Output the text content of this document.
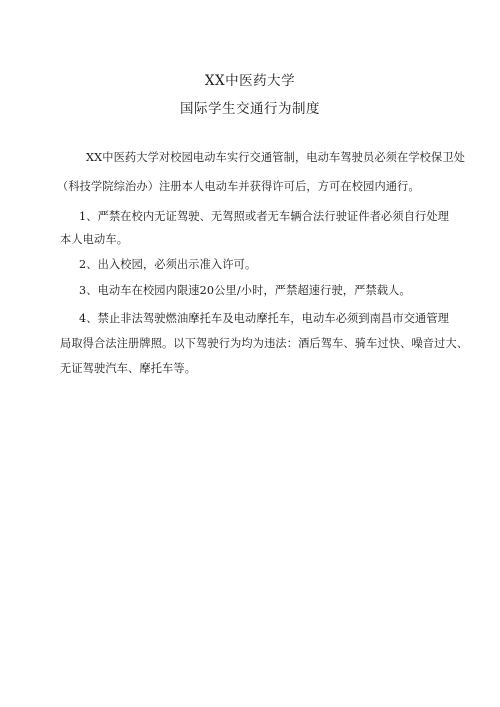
XX中医药大学
国际学生交通行为制度
XX中医药大学对校园电动车实行交通管制，电动车驾驶员必须在学校保卫处
（科技学院综治办）注册本人电动车并获得许可后，方可在校园内通行。
1、严禁在校内无证驾驶、无驾照或者无车辆合法行驶证件者必须自行处理
本人电动车。
2、出入校园，必须出示准入许可。
3、电动车在校园内限速20公里/小时，严禁超速行驶，严禁载人。
4、禁止非法驾驶燃油摩托车及电动摩托车，电动车必须到南昌市交通管理
局取得合法注册牌照。以下驾驶行为均为违法：酒后驾车、骑车过快、噪音过大、
无证驾驶汽车、摩托车等。
